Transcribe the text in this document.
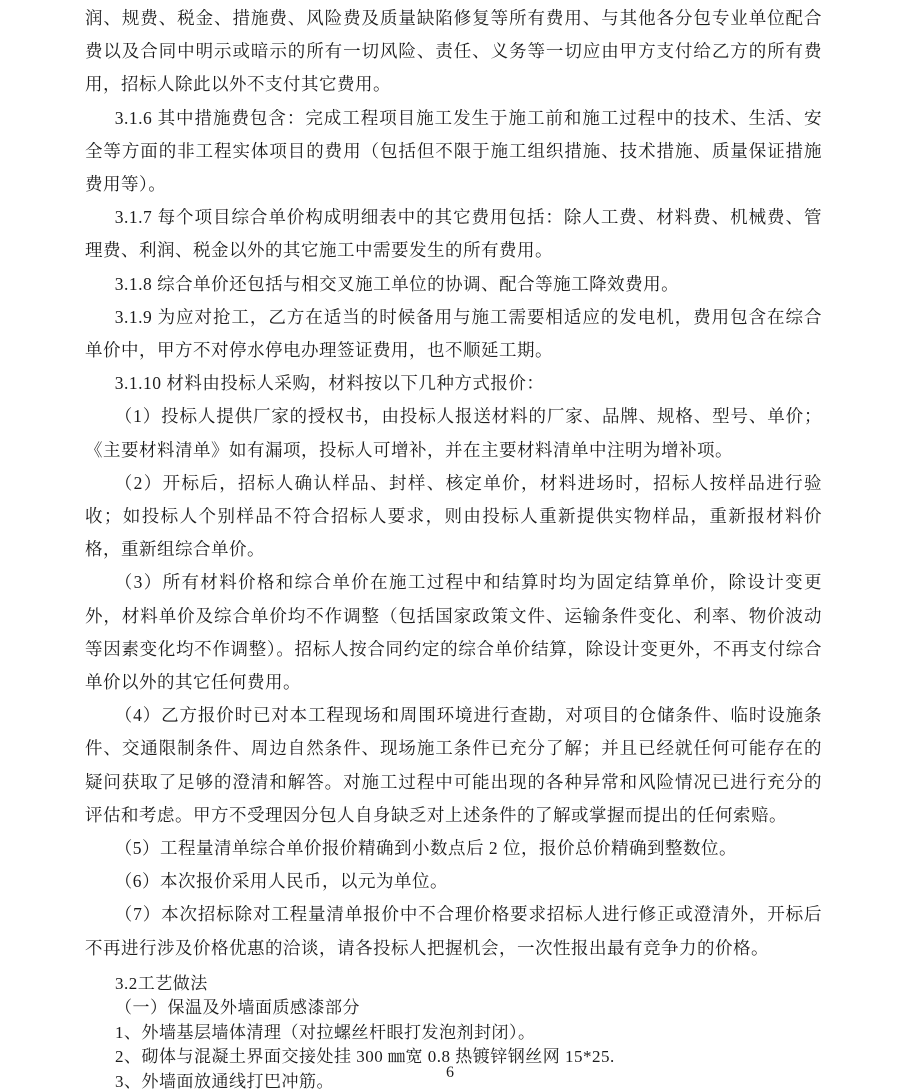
润、规费、税金、措施费、风险费及质量缺陷修复等所有费用、与其他各分包专业单位配合费以及合同中明示或暗示的所有一切风险、责任、义务等一切应由甲方支付给乙方的所有费用，招标人除此以外不支付其它费用。

3.1.6 其中措施费包含：完成工程项目施工发生于施工前和施工过程中的技术、生活、安全等方面的非工程实体项目的费用（包括但不限于施工组织措施、技术措施、质量保证措施费用等）。

3.1.7 每个项目综合单价构成明细表中的其它费用包括：除人工费、材料费、机械费、管理费、利润、税金以外的其它施工中需要发生的所有费用。

3.1.8 综合单价还包括与相交叉施工单位的协调、配合等施工降效费用。

3.1.9 为应对抢工，乙方在适当的时候备用与施工需要相适应的发电机，费用包含在综合单价中，甲方不对停水停电办理签证费用，也不顺延工期。

3.1.10 材料由投标人采购，材料按以下几种方式报价：

（1）投标人提供厂家的授权书，由投标人报送材料的厂家、品牌、规格、型号、单价；《主要材料清单》如有漏项，投标人可增补，并在主要材料清单中注明为增补项。

（2）开标后，招标人确认样品、封样、核定单价，材料进场时，招标人按样品进行验收；如投标人个别样品不符合招标人要求，则由投标人重新提供实物样品，重新报材料价格，重新组综合单价。

（3）所有材料价格和综合单价在施工过程中和结算时均为固定结算单价，除设计变更外，材料单价及综合单价均不作调整（包括国家政策文件、运输条件变化、利率、物价波动等因素变化均不作调整）。招标人按合同约定的综合单价结算，除设计变更外，不再支付综合单价以外的其它任何费用。

（4）乙方报价时已对本工程现场和周围环境进行查勘，对项目的仓储条件、临时设施条件、交通限制条件、周边自然条件、现场施工条件已充分了解；并且已经就任何可能存在的疑问获取了足够的澄清和解答。对施工过程中可能出现的各种异常和风险情况已进行充分的评估和考虑。甲方不受理因分包人自身缺乏对上述条件的了解或掌握而提出的任何索赔。

（5）工程量清单综合单价报价精确到小数点后 2 位，报价总价精确到整数位。

（6）本次报价采用人民币，以元为单位。

（7）本次招标除对工程量清单报价中不合理价格要求招标人进行修正或澄清外，开标后不再进行涉及价格优惠的洽谈，请各投标人把握机会，一次性报出最有竞争力的价格。

3.2工艺做法

（一）保温及外墙面质感漆部分

1、外墙基层墙体清理（对拉螺丝杆眼打发泡剂封闭）。

2、砌体与混凝土界面交接处挂 300 ㎜宽 0.8 热镀锌钢丝网 15*25.

3、外墙面放通线打巴冲筋。	6
